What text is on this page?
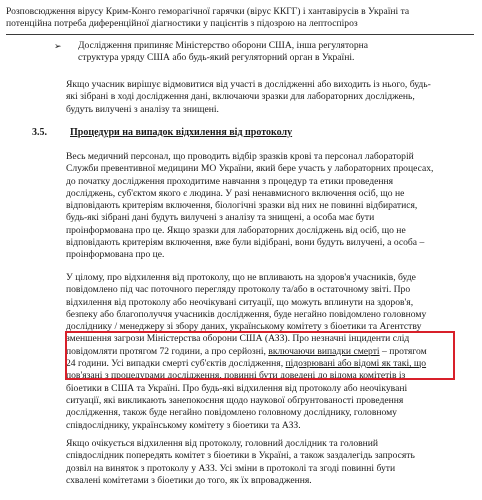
Розповсюдження вірусу Крим-Конго геморагічної гарячки (вірус ККГГ) і хантавірусів в Україні та
потенційна потреба диференційної діагностики у пацієнтів з підозрою на лептоспіроз
➢ Дослідження припиняє Міністерство оборони США, інша регуляторна
структура уряду США або будь-який регуляторний орган в Україні.
Якщо учасник вирішує відмовитися від участі в дослідженні або виходить із нього, будь-
які зібрані в ході дослідження дані, включаючи зразки для лабораторних досліджень,
будуть вилучені з аналізу та знищені.
3.5. Процедури на випадок відхилення від протоколу
Весь медичний персонал, що проводить відбір зразків крові та персонал лабораторій
Служби превентивної медицини МО України, який бере участь у лабораторних процесах,
до початку дослідження проходитиме навчання з процедур та етики проведення
досліджень, суб'єктом якого є людина. У разі ненавмисного включення осіб, що не
відповідають критеріям включення, біологічні зразки від них не повинні відбиратися,
будь-які зібрані дані будуть вилучені з аналізу та знищені, а особа має бути
проінформована про це. Якщо зразки для лабораторних досліджень від осіб, що не
відповідають критеріям включення, вже були відібрані, вони будуть вилучені, а особа –
проінформована про це.
У цілому, про відхилення від протоколу, що не впливають на здоров'я учасників, буде
повідомлено під час поточного перегляду протоколу та/або в остаточному звіті. Про
відхилення від протоколу або неочікувані ситуації, що можуть вплинути на здоров'я,
безпеку або благополуччя учасників дослідження, буде негайно повідомлено головному
досліднику / менеджеру зі збору даних, українському комітету з біоетики та Агентству
зменшення загрози Міністерства оборони США (АЗЗ). Про незначні інциденти слід
повідомляти протягом 72 години, а про серйозні, включаючи випадки смерті – протягом
24 години. Усі випадки смерті суб'єктів дослідження, підозрювані або відомі як такі, що
пов'язані з процедурами дослідження, повинні бути доведені до відома комітетів із
біоетики в США та Україні. Про будь-які відхилення від протоколу або неочікувані
ситуації, які викликають занепокоєння щодо наукової обґрунтованості проведення
дослідження, також буде негайно повідомлено головному досліднику, головному
співдосліднику, українському комітету з біоетики та АЗЗ.
Якщо очікується відхилення від протоколу, головний дослідник та головний
співдослідник попередять комітет з біоетики в Україні, а також заздалегідь запросять
дозвіл на виняток з протоколу у АЗЗ. Усі зміни в протоколі та згоді повинні бути
схвалені комітетами з біоетики до того, як їх впровадження.
